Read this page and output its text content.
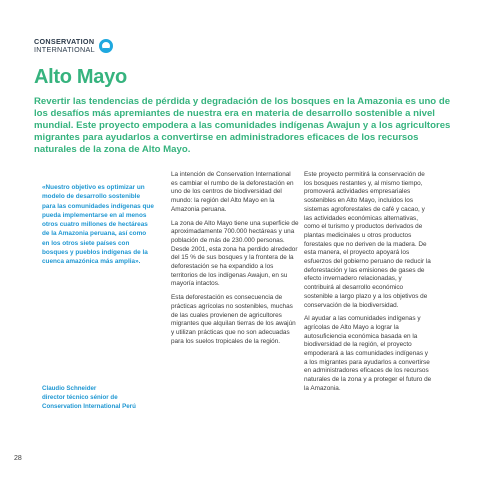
CONSERVATION
INTERNATIONAL
Alto Mayo

Revertir las tendencias de pérdida y degradación de los bosques en la Amazonia es uno de los desafíos más apremiantes de nuestra era en materia de desarrollo sostenible a nivel mundial. Este proyecto empodera a las comunidades indígenas Awajun y a los agricultores migrantes para ayudarlos a convertirse en administradores eficaces de los recursos naturales de la zona de Alto Mayo.

«Nuestro objetivo es optimizar un modelo de desarrollo sostenible para las comunidades indígenas que pueda implementarse en al menos otros cuatro millones de hectáreas de la Amazonia peruana, así como en los otros siete países con bosques y pueblos indígenas de la cuenca amazónica más amplia».

Claudio Schneider
director técnico sénior de
Conservation International Perú

La intención de Conservation International es cambiar el rumbo de la deforestación en uno de los centros de biodiversidad del mundo: la región del Alto Mayo en la Amazonia peruana.

La zona de Alto Mayo tiene una superficie de aproximadamente 700.000 hectáreas y una población de más de 230.000 personas. Desde 2001, esta zona ha perdido alrededor del 15 % de sus bosques y la frontera de la deforestación se ha expandido a los territorios de los indígenas Awajun, en su mayoría intactos.

Esta deforestación es consecuencia de prácticas agrícolas no sostenibles, muchas de las cuales provienen de agricultores migrantes que alquilan tierras de los awajún y utilizan prácticas que no son adecuadas para los suelos tropicales de la región.

Este proyecto permitirá la conservación de los bosques restantes y, al mismo tiempo, promoverá actividades empresariales sostenibles en Alto Mayo, incluidos los sistemas agroforestales de café y cacao, y las actividades económicas alternativas, como el turismo y productos derivados de plantas medicinales u otros productos forestales que no deriven de la madera. De esta manera, el proyecto apoyará los esfuerzos del gobierno peruano de reducir la deforestación y las emisiones de gases de efecto invernadero relacionadas, y contribuirá al desarrollo económico sostenible a largo plazo y a los objetivos de conservación de la biodiversidad.

Al ayudar a las comunidades indígenas y agrícolas de Alto Mayo a lograr la autosuficiencia económica basada en la biodiversidad de la región, el proyecto empoderará a las comunidades indígenas y a los migrantes para ayudarlos a convertirse en administradores eficaces de los recursos naturales de la zona y a proteger el futuro de la Amazonia.

28
